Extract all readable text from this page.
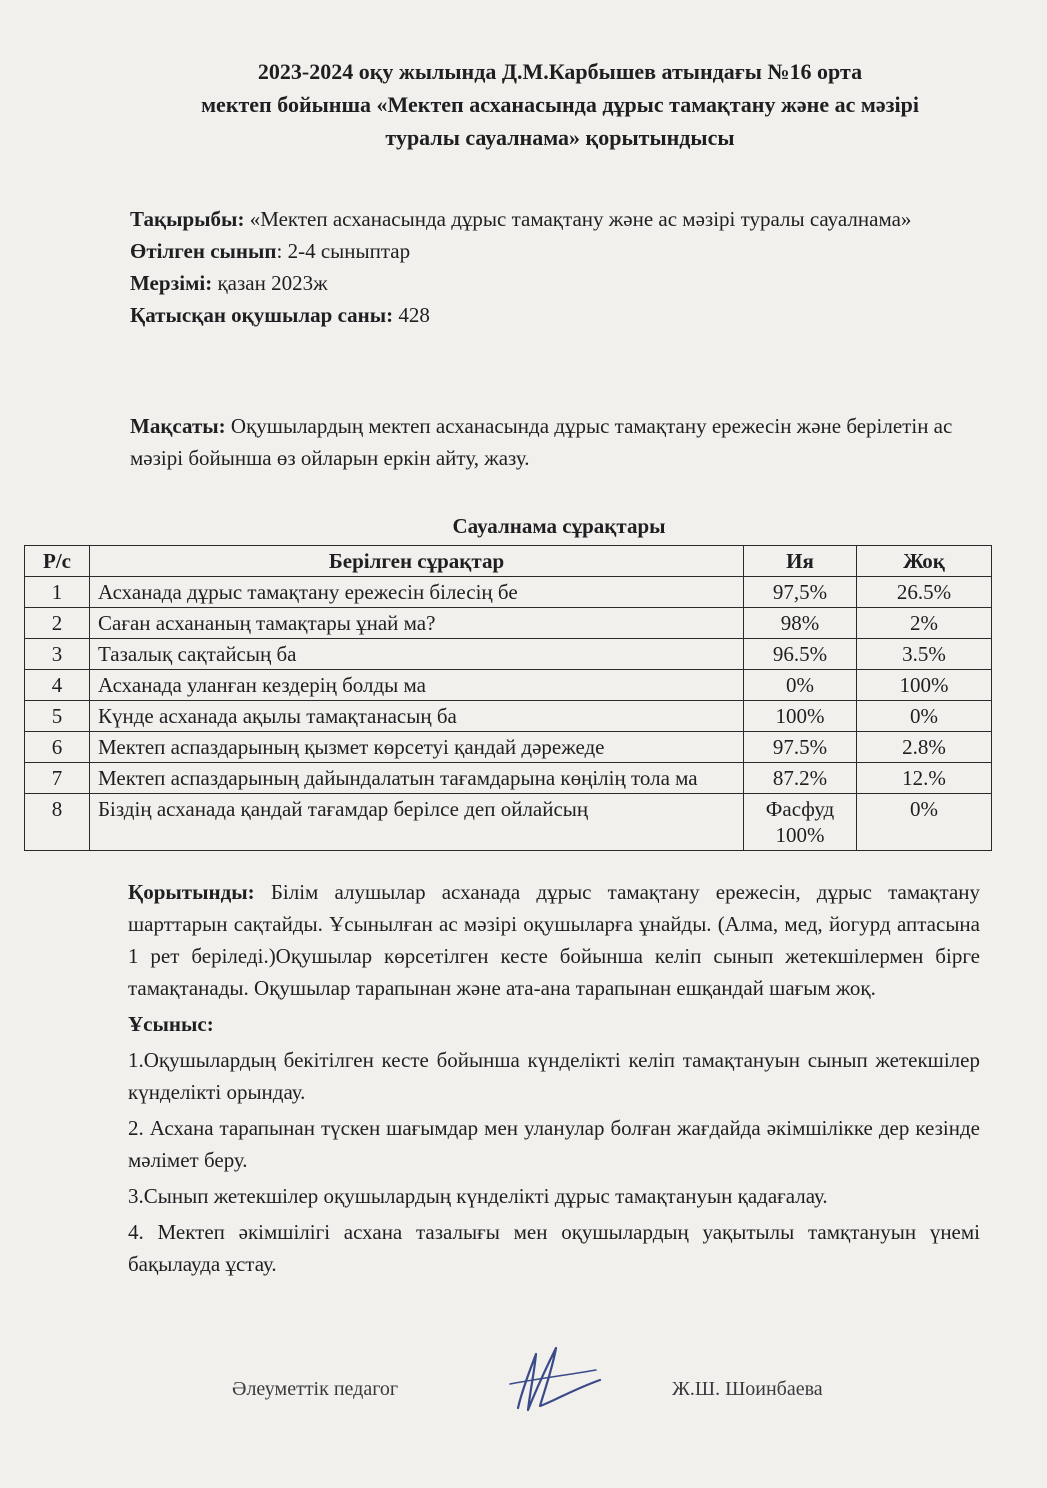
2023-2024 оқу жылында Д.М.Карбышев атындағы №16 орта
мектеп бойынша «Мектеп асханасында дұрыс тамақтану және ас мәзірі
туралы сауалнама» қорытындысы
Тақырыбы: «Мектеп асханасында дұрыс тамақтану және ас мәзірі туралы сауалнама»
Өтілген сынып: 2-4 сыныптар
Мерзімі: қазан 2023ж
Қатысқан оқушылар саны: 428
Мақсаты: Оқушылардың мектеп асханасында дұрыс тамақтану ережесін және берілетін ас мәзірі бойынша өз ойларын еркін айту, жазу.
Сауалнама сұрақтары
Р/с	Берілген сұрақтар	Ия	Жоқ
1	Асханада дұрыс тамақтану ережесін білесің бе	97,5%	26.5%
2	Саған асхананың тамақтары ұнай ма?	98%	2%
3	Тазалық сақтайсың ба	96.5%	3.5%
4	Асханада уланған кездерің болды ма	0%	100%
5	Күнде асханада ақылы тамақтанасың ба	100%	0%
6	Мектеп аспаздарының қызмет көрсетуі қандай дәрежеде	97.5%	2.8%
7	Мектеп аспаздарының дайындалатын тағамдарына көңілің тола ма	87.2%	12.%
8	Біздің асханада қандай тағамдар берілсе деп ойлайсың	Фасфуд 100%	0%

Қорытынды: Білім алушылар асханада дұрыс тамақтану ережесін, дұрыс тамақтану шарттарын сақтайды. Ұсынылған ас мәзірі оқушыларға ұнайды. (Алма, мед, йогурд аптасына 1 рет беріледі.)Оқушылар көрсетілген кесте бойынша келіп сынып жетекшілермен бірге тамақтанады. Оқушылар тарапынан және ата-ана тарапынан ешқандай шағым жоқ.

Ұсыныс:

1.Оқушылардың бекітілген кесте бойынша күнделікті келіп тамақтануын сынып жетекшілер күнделікті орындау.

2. Асхана тарапынан түскен шағымдар мен уланулар болған жағдайда әкімшілікке дер кезінде мәлімет беру.

3.Сынып жетекшілер оқушылардың күнделікті дұрыс тамақтануын қадағалау.

4. Мектеп әкімшілігі асхана тазалығы мен оқушылардың уақытылы тамқтануын үнемі бақылауда ұстау.

Әлеуметтік педагог	Ж.Ш. Шоинбаева
